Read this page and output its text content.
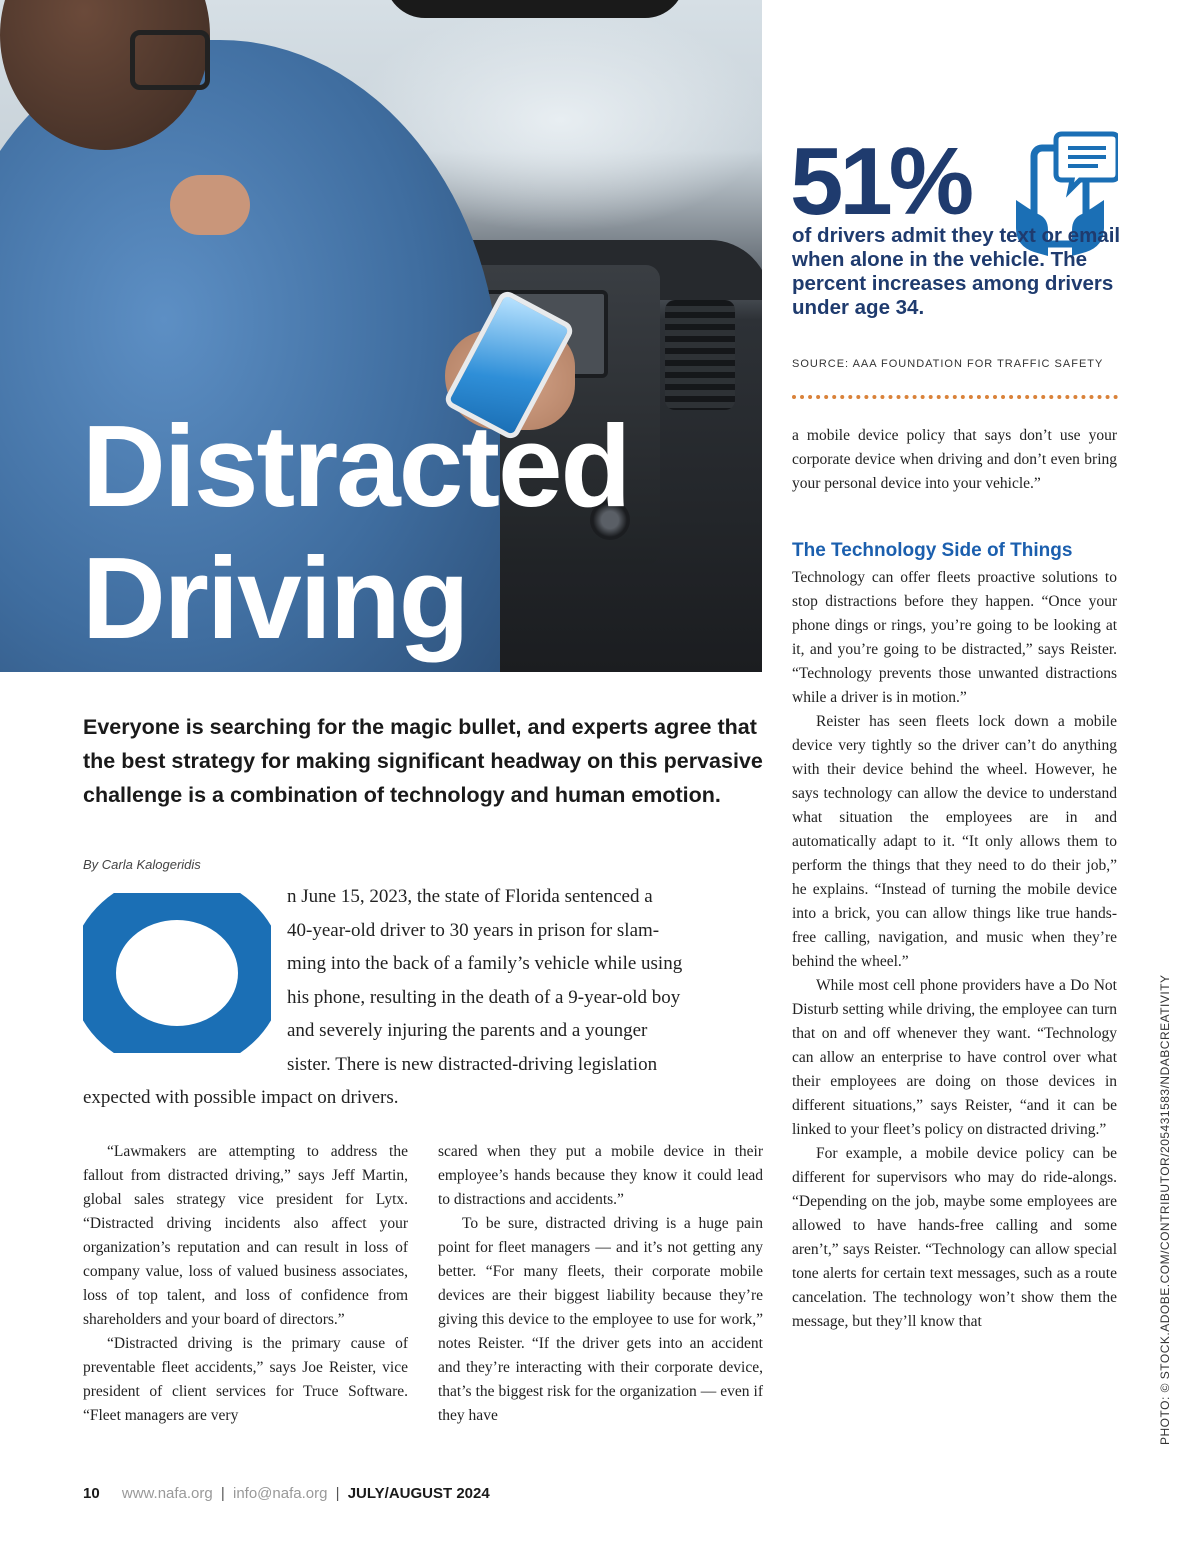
Distracted
Driving
51%

of drivers admit they text or email when alone in the vehicle. The percent increases among drivers under age 34.

SOURCE: AAA FOUNDATION FOR TRAFFIC SAFETY

Everyone is searching for the magic bullet, and experts agree that the best strategy for making significant headway on this pervasive challenge is a combination of technology and human emotion.

By Carla Kalogeridis

n June 15, 2023, the state of Florida sentenced a
40-year-old driver to 30 years in prison for slam-
ming into the back of a family’s vehicle while using
his phone, resulting in the death of a 9-year-old boy
and severely injuring the parents and a younger
sister. There is new distracted-driving legislation
expected with possible impact on drivers.

“Lawmakers are attempting to address the fallout from distracted driving,” says Jeff Martin, global sales strategy vice president for Lytx. “Distracted driving incidents also affect your organization’s reputation and can result in loss of company value, loss of valued business associates, loss of top talent, and loss of confidence from shareholders and your board of directors.”

“Distracted driving is the primary cause of preventable fleet accidents,” says Joe Reister, vice president of client services for Truce Software. “Fleet managers are very

scared when they put a mobile device in their employee’s hands because they know it could lead to distractions and accidents.”

To be sure, distracted driving is a huge pain point for fleet managers — and it’s not getting any better. “For many fleets, their corporate mobile devices are their biggest liability because they’re giving this device to the employee to use for work,” notes Reister. “If the driver gets into an accident and they’re interacting with their corporate device, that’s the biggest risk for the organization — even if they have

a mobile device policy that says don’t use your corporate device when driving and don’t even bring your personal device into your vehicle.”

The Technology Side of Things

Technology can offer fleets proactive solutions to stop distractions before they happen. “Once your phone dings or rings, you’re going to be looking at it, and you’re going to be distracted,” says Reister. “Technology prevents those unwanted distractions while a driver is in motion.”

Reister has seen fleets lock down a mobile device very tightly so the driver can’t do anything with their device behind the wheel. However, he says technology can allow the device to understand what situation the employees are in and automatically adapt to it. “It only allows them to perform the things that they need to do their job,” he explains. “Instead of turning the mobile device into a brick, you can allow things like true hands-free calling, navigation, and music when they’re behind the wheel.”

While most cell phone providers have a Do Not Disturb setting while driving, the employee can turn that on and off whenever they want. “Technology can allow an enterprise to have control over what their employees are doing on those devices in different situations,” says Reister, “and it can be linked to your fleet’s policy on distracted driving.”

For example, a mobile device policy can be different for supervisors who may do ride-alongs. “Depending on the job, maybe some employees are allowed to have hands-free calling and some aren’t,” says Reister. “Technology can allow special tone alerts for certain text messages, such as a route cancelation. The technology won’t show them the message, but they’ll know that

10 www.nafa.org | info@nafa.org | JULY/AUGUST 2024

PHOTO: © STOCK.ADOBE.COM/CONTRIBUTOR/205431583/NDABCREATIVITY
